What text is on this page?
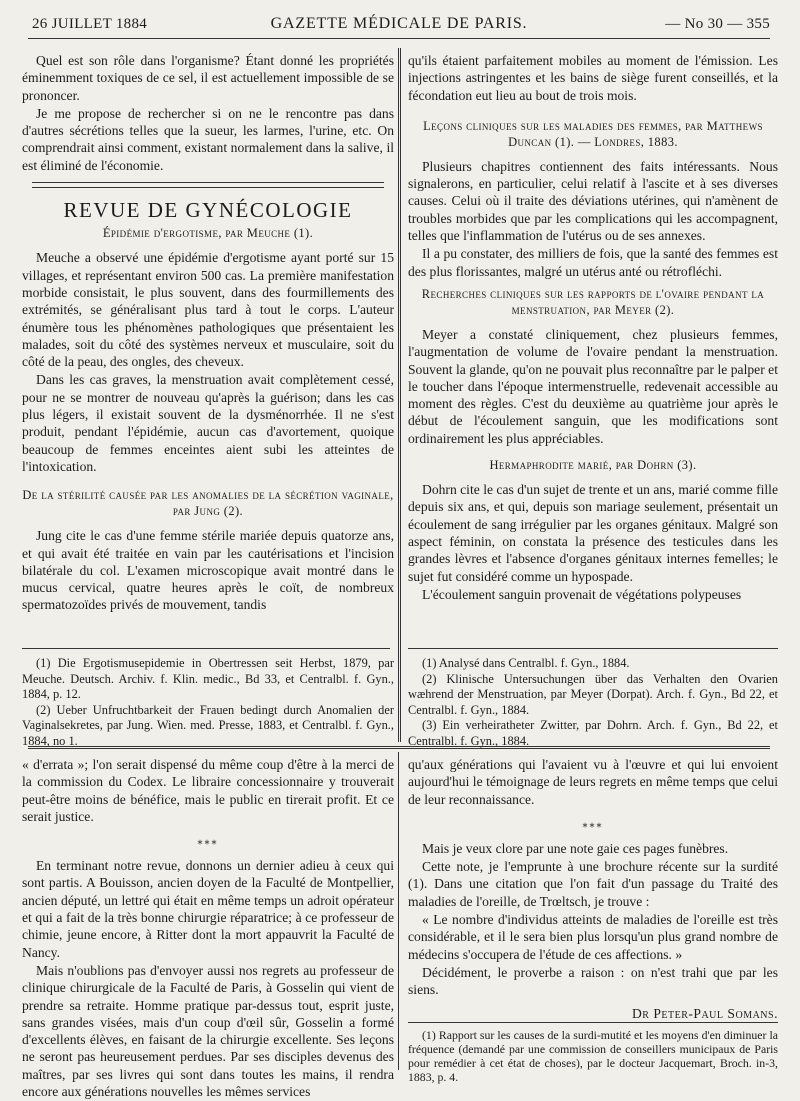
26 JUILLET 1884	GAZETTE MÉDICALE DE PARIS.	— No 30 — 355

Quel est son rôle dans l'organisme? Étant donné les propriétés éminemment toxiques de ce sel, il est actuellement impossible de se prononcer.

Je me propose de rechercher si on ne le rencontre pas dans d'autres sécrétions telles que la sueur, les larmes, l'urine, etc. On comprendrait ainsi comment, existant normalement dans la salive, il est éliminé de l'économie.

REVUE DE GYNÉCOLOGIE
Épidémie d'ergotisme, par Meuche (1).

Meuche a observé une épidémie d'ergotisme ayant porté sur 15 villages, et représentant environ 500 cas. La première manifestation morbide consistait, le plus souvent, dans des fourmillements des extrémités, se généralisant plus tard à tout le corps. L'auteur énumère tous les phénomènes pathologiques que présentaient les malades, soit du côté des systèmes nerveux et musculaire, soit du côté de la peau, des ongles, des cheveux.

Dans les cas graves, la menstruation avait complètement cessé, pour ne se montrer de nouveau qu'après la guérison; dans les cas plus légers, il existait souvent de la dysménorrhée. Il ne s'est produit, pendant l'épidémie, aucun cas d'avortement, quoique beaucoup de femmes enceintes aient subi les atteintes de l'intoxication.

De la stérilité causée par les anomalies de la sécrétion vaginale, par Jung (2).

Jung cite le cas d'une femme stérile mariée depuis quatorze ans, et qui avait été traitée en vain par les cautérisations et l'incision bilatérale du col. L'examen microscopique avait montré dans le mucus cervical, quatre heures après le coït, de nombreux spermatozoïdes privés de mouvement, tandis

(1) Die Ergotismusepidemie in Obertressen seit Herbst, 1879, par Meuche. Deutsch. Archiv. f. Klin. medic., Bd 33, et Centralbl. f. Gyn., 1884, p. 12.

(2) Ueber Unfruchtbarkeit der Frauen bedingt durch Anomalien der Vaginalsekretes, par Jung. Wien. med. Presse, 1883, et Centralbl. f. Gyn., 1884, no 1.

qu'ils étaient parfaitement mobiles au moment de l'émission. Les injections astringentes et les bains de siège furent conseillés, et la fécondation eut lieu au bout de trois mois.

Leçons cliniques sur les maladies des femmes, par Matthews Duncan (1). — Londres, 1883.

Plusieurs chapitres contiennent des faits intéressants. Nous signalerons, en particulier, celui relatif à l'ascite et à ses diverses causes. Celui où il traite des déviations utérines, qui n'amènent de troubles morbides que par les complications qui les accompagnent, telles que l'inflammation de l'utérus ou de ses annexes.

Il a pu constater, des milliers de fois, que la santé des femmes est des plus florissantes, malgré un utérus anté ou rétrofléchi.

Recherches cliniques sur les rapports de l'ovaire pendant la menstruation, par Meyer (2).

Meyer a constaté cliniquement, chez plusieurs femmes, l'augmentation de volume de l'ovaire pendant la menstruation. Souvent la glande, qu'on ne pouvait plus reconnaître par le palper et le toucher dans l'époque intermenstruelle, redevenait accessible au moment des règles. C'est du deuxième au quatrième jour après le début de l'écoulement sanguin, que les modifications sont ordinairement les plus appréciables.

Hermaphrodite marié, par Dohrn (3).

Dohrn cite le cas d'un sujet de trente et un ans, marié comme fille depuis six ans, et qui, depuis son mariage seulement, présentait un écoulement de sang irrégulier par les organes génitaux. Malgré son aspect féminin, on constata la présence des testicules dans les grandes lèvres et l'absence d'organes génitaux internes femelles; le sujet fut considéré comme un hypospade.

L'écoulement sanguin provenait de végétations polypeuses

(1) Analysé dans Centralbl. f. Gyn., 1884.

(2) Klinische Untersuchungen über das Verhalten den Ovarien wæhrend der Menstruation, par Meyer (Dorpat). Arch. f. Gyn., Bd 22, et Centralbl. f. Gyn., 1884.

(3) Ein verheiratheter Zwitter, par Dohrn. Arch. f. Gyn., Bd 22, et Centralbl. f. Gyn., 1884.

« d'errata »; l'on serait dispensé du même coup d'être à la merci de la commission du Codex. Le libraire concessionnaire y trouverait peut-être moins de bénéfice, mais le public en tirerait profit. Et ce serait justice.

⁎⁎⁎

En terminant notre revue, donnons un dernier adieu à ceux qui sont partis. A Bouisson, ancien doyen de la Faculté de Montpellier, ancien député, un lettré qui était en même temps un adroit opérateur et qui a fait de la très bonne chirurgie réparatrice; à ce professeur de chimie, jeune encore, à Ritter dont la mort appauvrit la Faculté de Nancy.

Mais n'oublions pas d'envoyer aussi nos regrets au professeur de clinique chirurgicale de la Faculté de Paris, à Gosselin qui vient de prendre sa retraite. Homme pratique par-dessus tout, esprit juste, sans grandes visées, mais d'un coup d'œil sûr, Gosselin a formé d'excellents élèves, en faisant de la chirurgie excellente. Ses leçons ne seront pas heureusement perdues. Par ses disciples devenus des maîtres, par ses livres qui sont dans toutes les mains, il rendra encore aux générations nouvelles les mêmes services

qu'aux générations qui l'avaient vu à l'œuvre et qui lui envoient aujourd'hui le témoignage de leurs regrets en même temps que celui de leur reconnaissance.

⁎⁎⁎

Mais je veux clore par une note gaie ces pages funèbres.

Cette note, je l'emprunte à une brochure récente sur la surdité (1). Dans une citation que l'on fait d'un passage du Traité des maladies de l'oreille, de Trœltsch, je trouve :

« Le nombre d'individus atteints de maladies de l'oreille est très considérable, et il le sera bien plus lorsqu'un plus grand nombre de médecins s'occupera de l'étude de ces affections. »

Décidément, le proverbe a raison : on n'est trahi que par les siens.

Dr Peter-Paul Somans.

(1) Rapport sur les causes de la surdi-mutité et les moyens d'en diminuer la fréquence (demandé par une commission de conseillers municipaux de Paris pour remédier à cet état de choses), par le docteur Jacquemart, Broch. in-3, 1883, p. 4.
